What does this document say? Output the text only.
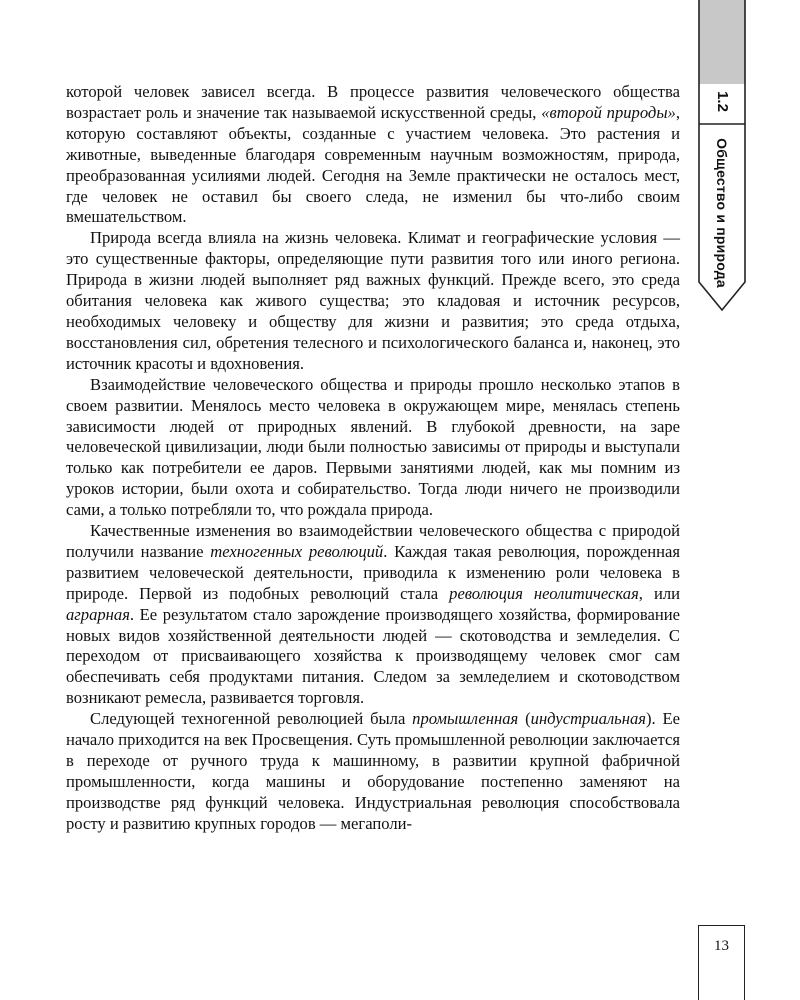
которой человек зависел всегда. В процессе развития человеческого общества возрастает роль и значение так называемой искусственной среды, «второй природы», которую составляют объекты, созданные с участием человека. Это растения и животные, выведенные благодаря современным научным возможностям, природа, преобразованная усилиями людей. Сегодня на Земле практически не осталось мест, где человек не оставил бы своего следа, не изменил бы что-либо своим вмешательством.

Природа всегда влияла на жизнь человека. Климат и географические условия — это существенные факторы, определяющие пути развития того или иного региона. Природа в жизни людей выполняет ряд важных функций. Прежде всего, это среда обитания человека как живого существа; это кладовая и источник ресурсов, необходимых человеку и обществу для жизни и развития; это среда отдыха, восстановления сил, обретения телесного и психологического баланса и, наконец, это источник красоты и вдохновения.

Взаимодействие человеческого общества и природы прошло несколько этапов в своем развитии. Менялось место человека в окружающем мире, менялась степень зависимости людей от природных явлений. В глубокой древности, на заре человеческой цивилизации, люди были полностью зависимы от природы и выступали только как потребители ее даров. Первыми занятиями людей, как мы помним из уроков истории, были охота и собирательство. Тогда люди ничего не производили сами, а только потребляли то, что рождала природа.

Качественные изменения во взаимодействии человеческого общества с природой получили название техногенных революций. Каждая такая революция, порожденная развитием человеческой деятельности, приводила к изменению роли человека в природе. Первой из подобных революций стала революция неолитическая, или аграрная. Ее результатом стало зарождение производящего хозяйства, формирование новых видов хозяйственной деятельности людей — скотоводства и земледелия. С переходом от присваивающего хозяйства к производящему человек смог сам обеспечивать себя продуктами питания. Следом за земледелием и скотоводством возникают ремесла, развивается торговля.

Следующей техногенной революцией была промышленная (индустриальная). Ее начало приходится на век Просвещения. Суть промышленной революции заключается в переходе от ручного труда к машинному, в развитии крупной фабричной промышленности, когда машины и оборудование постепенно заменяют на производстве ряд функций человека. Индустриальная революция способствовала росту и развитию крупных городов — мегаполи-

1.2
Общество и природа
13
